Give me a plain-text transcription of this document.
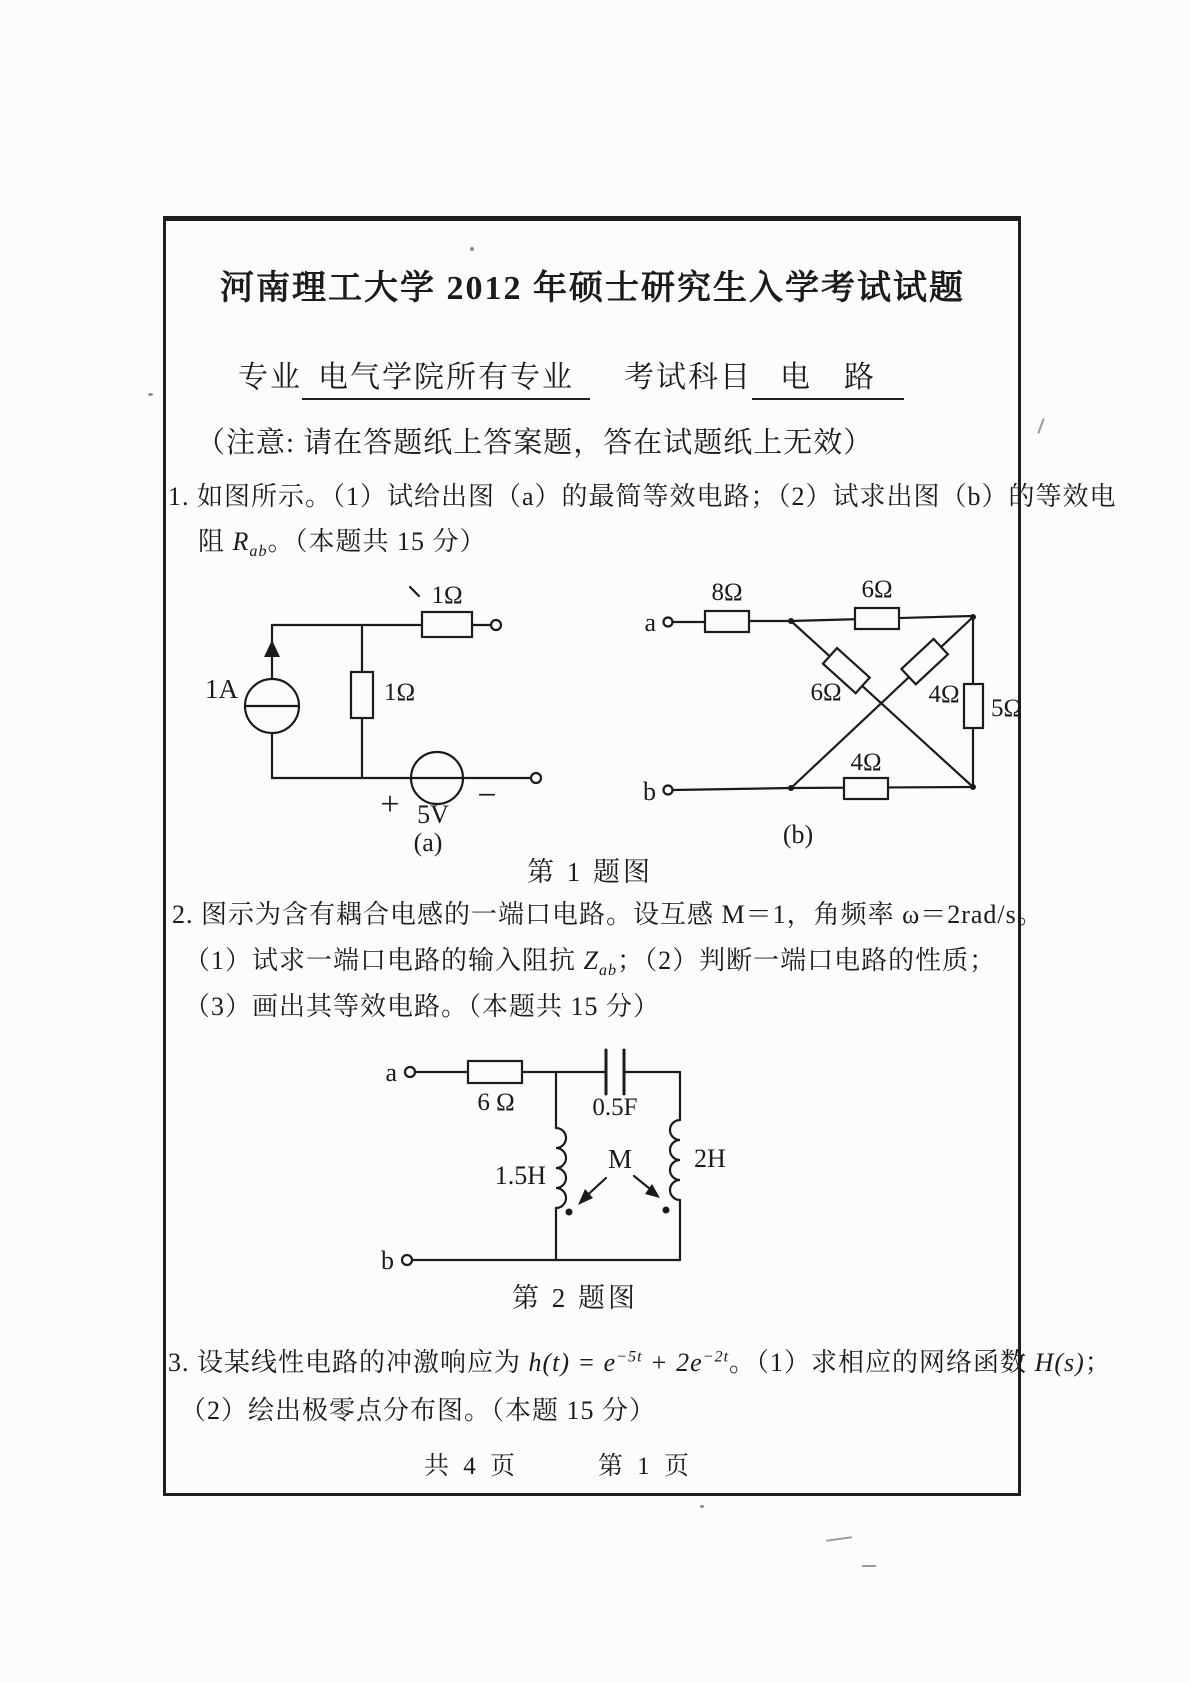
河南理工大学 2012 年硕士研究生入学考试试题
专业 电气学院所有专业 考试科目 电　路
（注意: 请在答题纸上答案题，答在试题纸上无效）
1. 如图所示。（1）试给出图（a）的最简等效电路；（2）试求出图（b）的等效电
阻 $R_{ab}$。（本题共 15 分）
1Ω
1Ω
1A
+ −
5V
(a)
a
b
8Ω	6Ω
6Ω	4Ω
5Ω
4Ω
(b)
第 1 题图
2. 图示为含有耦合电感的一端口电路。设互感 M＝1，角频率 ω＝2rad/s。
（1）试求一端口电路的输入阻抗 $Z_{ab}$；（2）判断一端口电路的性质；
（3）画出其等效电路。（本题共 15 分）
a
b
6 Ω	0.5F
1.5H
2H
M
第 2 题图
3. 设某线性电路的冲激响应为 $h(t) = e^{-5t} + 2e^{-2t}$。（1）求相应的网络函数 H(s)；
（2）绘出极零点分布图。（本题 15 分）
共 4 页	第 1 页
